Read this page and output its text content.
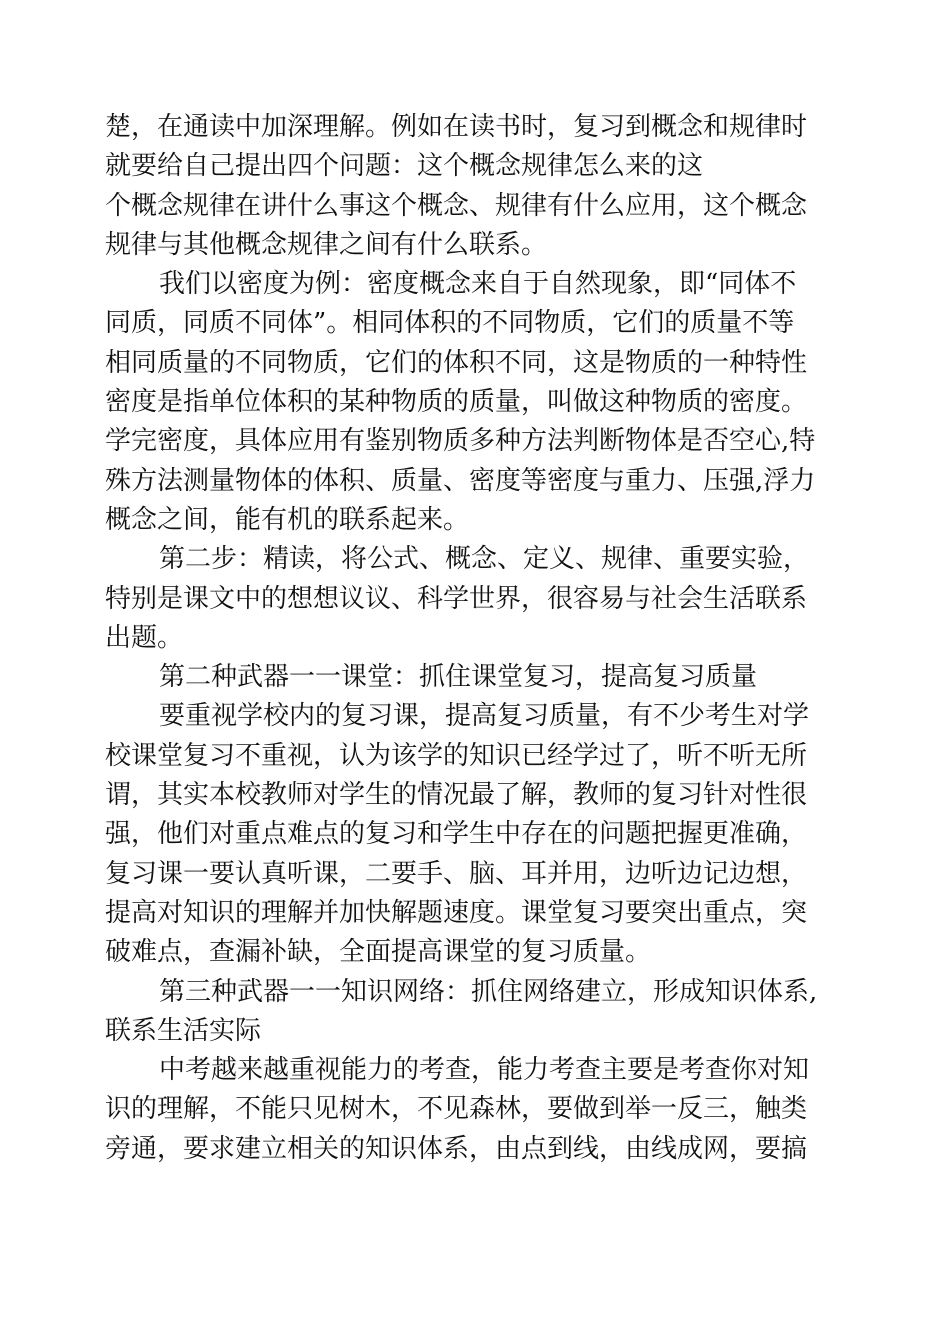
楚，在通读中加深理解。例如在读书时，复习到概念和规律时
就要给自己提出四个问题：这个概念规律怎么来的这
个概念规律在讲什么事这个概念、规律有什么应用，这个概念
规律与其他概念规律之间有什么联系。
我们以密度为例：密度概念来自于自然现象，即“同体不
同质，同质不同体”。相同体积的不同物质，它们的质量不等
相同质量的不同物质，它们的体积不同，这是物质的一种特性
密度是指单位体积的某种物质的质量，叫做这种物质的密度。
学完密度，具体应用有鉴别物质多种方法判断物体是否空心,特
殊方法测量物体的体积、质量、密度等密度与重力、压强,浮力
概念之间，能有机的联系起来。
第二步：精读，将公式、概念、定义、规律、重要实验，
特别是课文中的想想议议、科学世界，很容易与社会生活联系
出题。
第二种武器一一课堂：抓住课堂复习，提高复习质量
要重视学校内的复习课，提高复习质量，有不少考生对学
校课堂复习不重视，认为该学的知识已经学过了，听不听无所
谓，其实本校教师对学生的情况最了解，教师的复习针对性很
强，他们对重点难点的复习和学生中存在的问题把握更准确，
复习课一要认真听课，二要手、脑、耳并用，边听边记边想，
提高对知识的理解并加快解题速度。课堂复习要突出重点，突
破难点，查漏补缺，全面提高课堂的复习质量。
第三种武器一一知识网络：抓住网络建立，形成知识体系,
联系生活实际
中考越来越重视能力的考查，能力考查主要是考查你对知
识的理解，不能只见树木，不见森林，要做到举一反三，触类
旁通，要求建立相关的知识体系，由点到线，由线成网，要搞
